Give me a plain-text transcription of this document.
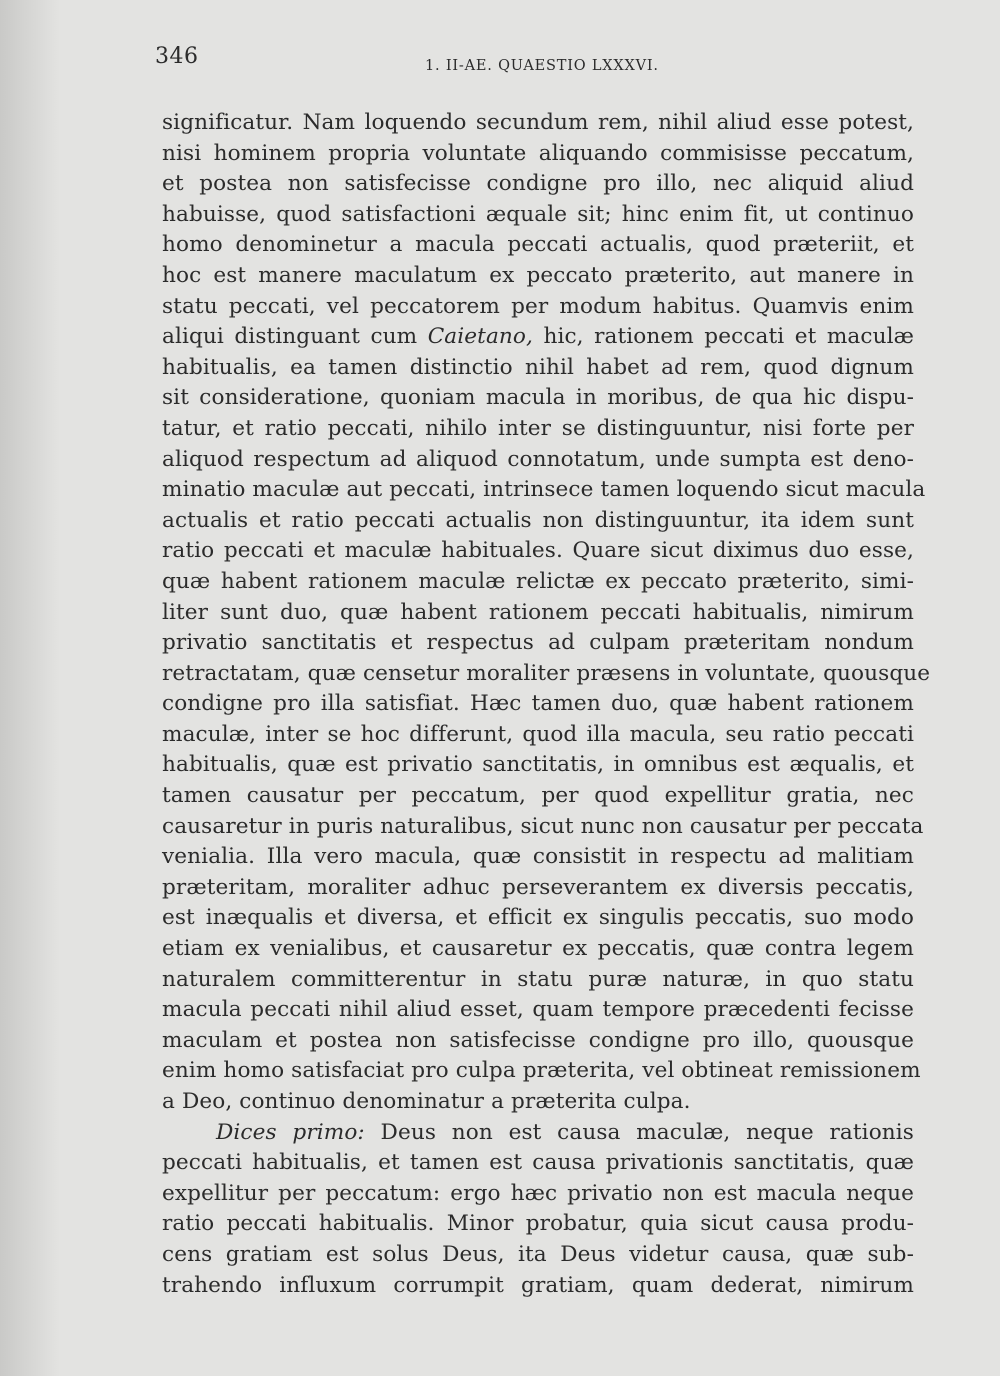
346	1. II-AE. QUAESTIO LXXXVI.
significatur. Nam loquendo secundum rem, nihil aliud esse potest,
nisi hominem propria voluntate aliquando commisisse peccatum,
et postea non satisfecisse condigne pro illo, nec aliquid aliud
habuisse, quod satisfactioni æquale sit; hinc enim fit, ut continuo
homo denominetur a macula peccati actualis, quod præteriit, et
hoc est manere maculatum ex peccato præterito, aut manere in
statu peccati, vel peccatorem per modum habitus. Quamvis enim
aliqui distinguant cum Caietano, hic, rationem peccati et maculæ
habitualis, ea tamen distinctio nihil habet ad rem, quod dignum
sit consideratione, quoniam macula in moribus, de qua hic dispu-
tatur, et ratio peccati, nihilo inter se distinguuntur, nisi forte per
aliquod respectum ad aliquod connotatum, unde sumpta est deno-
minatio maculæ aut peccati, intrinsece tamen loquendo sicut macula
actualis et ratio peccati actualis non distinguuntur, ita idem sunt
ratio peccati et maculæ habituales. Quare sicut diximus duo esse,
quæ habent rationem maculæ relictæ ex peccato præterito, simi-
liter sunt duo, quæ habent rationem peccati habitualis, nimirum
privatio sanctitatis et respectus ad culpam præteritam nondum
retractatam, quæ censetur moraliter præsens in voluntate, quousque
condigne pro illa satisfiat. Hæc tamen duo, quæ habent rationem
maculæ, inter se hoc differunt, quod illa macula, seu ratio peccati
habitualis, quæ est privatio sanctitatis, in omnibus est æqualis, et
tamen causatur per peccatum, per quod expellitur gratia, nec
causaretur in puris naturalibus, sicut nunc non causatur per peccata
venialia. Illa vero macula, quæ consistit in respectu ad malitiam
præteritam, moraliter adhuc perseverantem ex diversis peccatis,
est inæqualis et diversa, et efficit ex singulis peccatis, suo modo
etiam ex venialibus, et causaretur ex peccatis, quæ contra legem
naturalem committerentur in statu puræ naturæ, in quo statu
macula peccati nihil aliud esset, quam tempore præcedenti fecisse
maculam et postea non satisfecisse condigne pro illo, quousque
enim homo satisfaciat pro culpa præterita, vel obtineat remissionem
a Deo, continuo denominatur a præterita culpa.
Dices primo: Deus non est causa maculæ, neque rationis
peccati habitualis, et tamen est causa privationis sanctitatis, quæ
expellitur per peccatum: ergo hæc privatio non est macula neque
ratio peccati habitualis. Minor probatur, quia sicut causa produ-
cens gratiam est solus Deus, ita Deus videtur causa, quæ sub-
trahendo influxum corrumpit gratiam, quam dederat, nimirum
